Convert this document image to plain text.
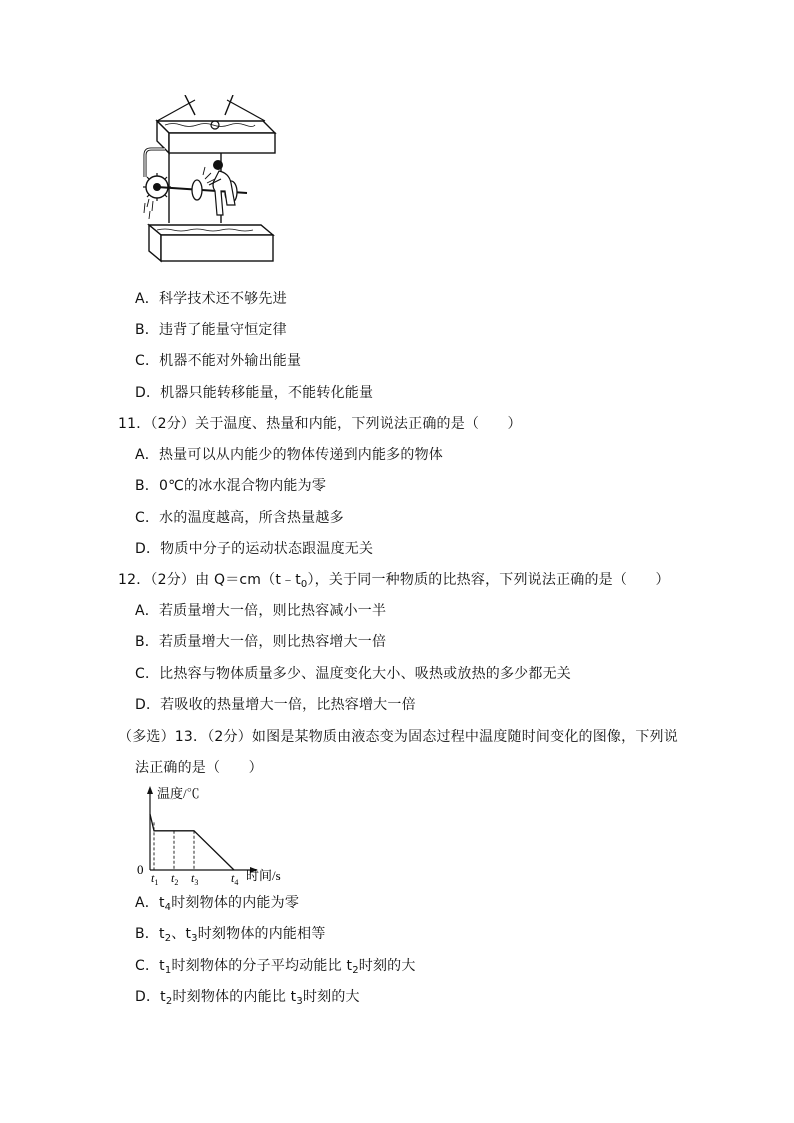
A．科学技术还不够先进
B．违背了能量守恒定律
C．机器不能对外输出能量
D．机器只能转移能量，不能转化能量
11．（2分）关于温度、热量和内能，下列说法正确的是（　　）
A．热量可以从内能少的物体传递到内能多的物体
B．0℃的冰水混合物内能为零
C．水的温度越高，所含热量越多
D．物质中分子的运动状态跟温度无关
12．（2分）由 $Q=cm(t﹣t_0)$，关于同一种物质的比热容，下列说法正确的是（　　）
A．若质量增大一倍，则比热容减小一半
B．若质量增大一倍，则比热容增大一倍
C．比热容与物体质量多少、温度变化大小、吸热或放热的多少都无关
D．若吸收的热量增大一倍，比热容增大一倍
（多选）13．（2分）如图是某物质由液态变为固态过程中温度随时间变化的图像，下列说
法正确的是（　　）
温度/℃
时间/s
0
$t_1$ $t_2$ $t_3$	$t_4$
A．$t_4$时刻物体的内能为零
B．$t_2$、$t_3$时刻物体的内能相等
C．$t_1$时刻物体的分子平均动能比 $t_2$时刻的大
D．$t_2$时刻物体的内能比 $t_3$时刻的大
